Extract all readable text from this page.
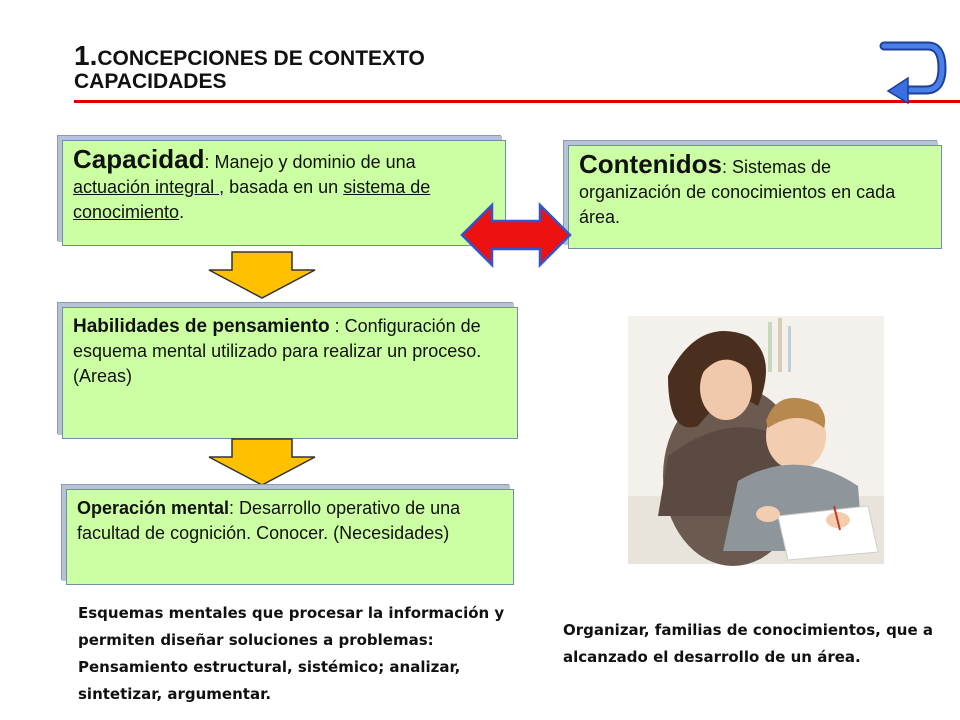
1.CONCEPCIONES DE CONTEXTO
CAPACIDADES
Capacidad: Manejo y dominio de una actuación integral , basada en un sistema de conocimiento.
Contenidos: Sistemas de organización de conocimientos en cada área.
Habilidades de pensamiento : Configuración de esquema mental utilizado para realizar un proceso. (Areas)
Operación mental: Desarrollo operativo de una facultad de cognición. Conocer. (Necesidades)
Esquemas mentales que procesar la información y permiten diseñar soluciones a problemas: Pensamiento estructural, sistémico; analizar, sintetizar, argumentar.
Organizar, familias de conocimientos, que a alcanzado el desarrollo de un área.
